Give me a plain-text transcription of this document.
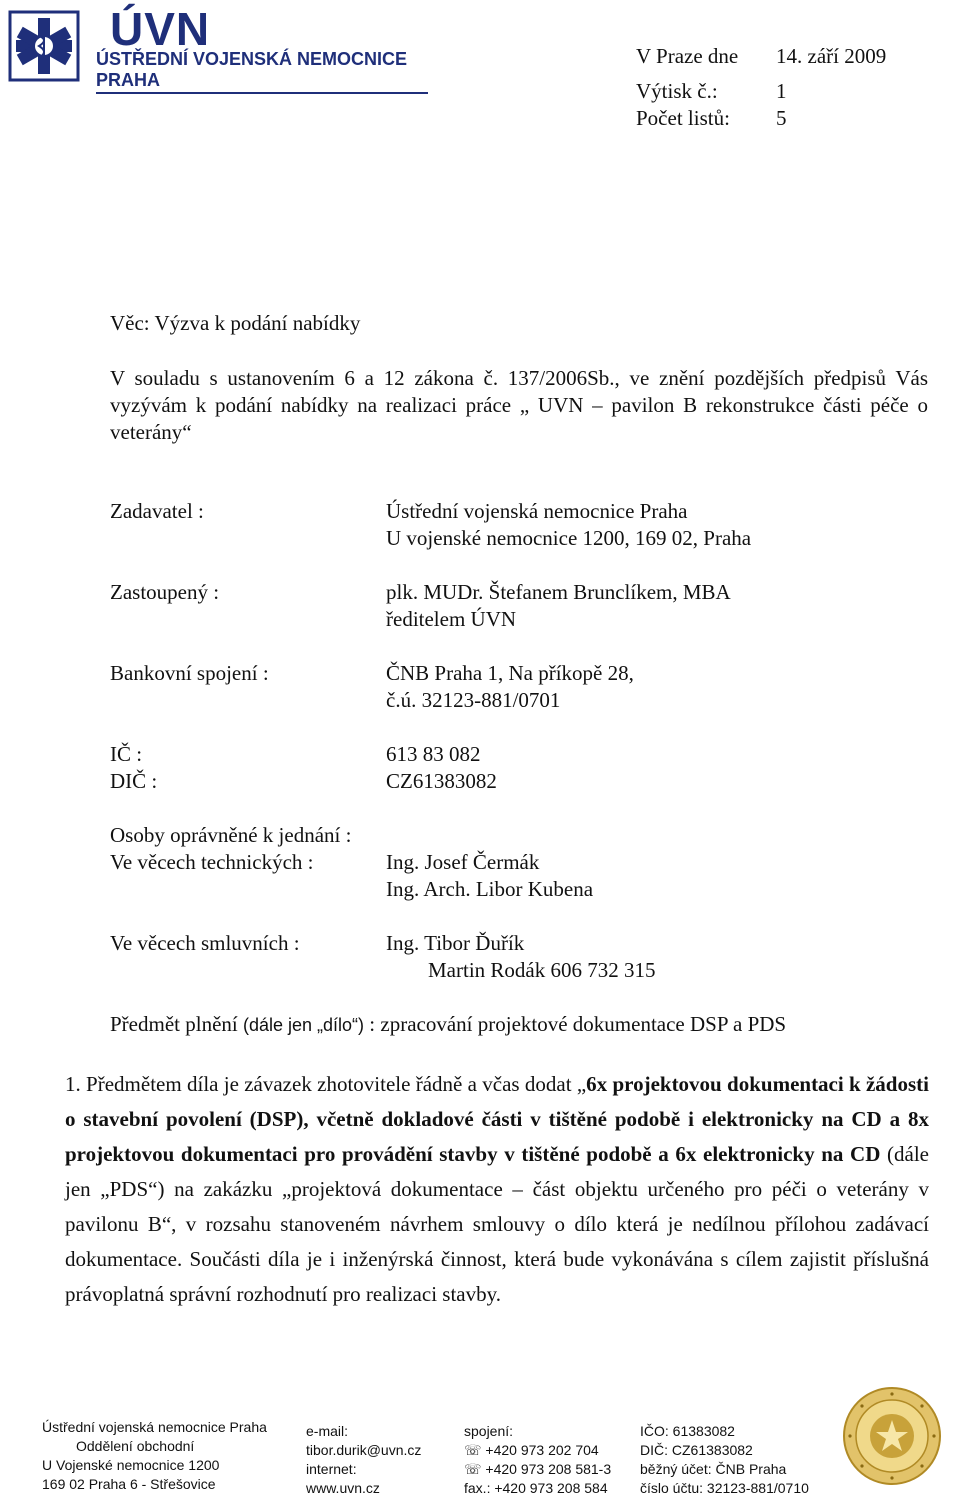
ÚVN
ÚSTŘEDNÍ VOJENSKÁ NEMOCNICE
PRAHA
V Praze dne 14. září 2009
Výtisk č.:	1
Počet listů: 5
Věc: Výzva k podání nabídky
V souladu s ustanovením 6 a 12 zákona č. 137/2006Sb., ve znění pozdějších předpisů Vás vyzývám k podání nabídky na realizaci práce „ UVN – pavilon B rekonstrukce části péče o veterány“
Zadavatel :	Ústřední vojenská nemocnice Praha
U vojenské nemocnice 1200, 169 02, Praha
Zastoupený :	plk. MUDr. Štefanem Brunclíkem, MBA
ředitelem ÚVN
Bankovní spojení :	ČNB Praha 1, Na příkopě 28,
č.ú. 32123-881/0701
IČ :	613 83 082
DIČ :	CZ61383082
Osoby oprávněné k jednání :
Ve věcech technických :	Ing. Josef Čermák
Ing. Arch. Libor Kubena
Ve věcech smluvních :	Ing. Tibor Ďuřík
Martin Rodák 606 732 315
Předmět plnění (dále jen „dílo“) : zpracování projektové dokumentace DSP a PDS
1. Předmětem díla je závazek zhotovitele řádně a včas dodat „6x projektovou dokumentaci k žádosti o stavební povolení (DSP), včetně dokladové části v tištěné podobě i elektronicky na CD a 8x projektovou dokumentaci pro provádění stavby v tištěné podobě a 6x elektronicky na CD (dále jen „PDS“) na zakázku „projektová dokumentace – část objektu určeného pro péči o veterány v pavilonu B“, v rozsahu stanoveném návrhem smlouvy o dílo která je nedílnou přílohou zadávací dokumentace. Součásti díla je i inženýrská činnost, která bude vykonávána s cílem zajistit příslušná právoplatná správní rozhodnutí pro realizaci stavby.
Ústřední vojenská nemocnice Praha
Oddělení obchodní
U Vojenské nemocnice 1200
169 02 Praha 6 - Střešovice
e-mail:
tibor.durik@uvn.cz
internet:
www.uvn.cz
spojení:
☏ +420 973 202 704
☏ +420 973 208 581-3
fax.: +420 973 208 584
IČO: 61383082
DIČ: CZ61383082
běžný účet: ČNB Praha
číslo účtu: 32123-881/0710
